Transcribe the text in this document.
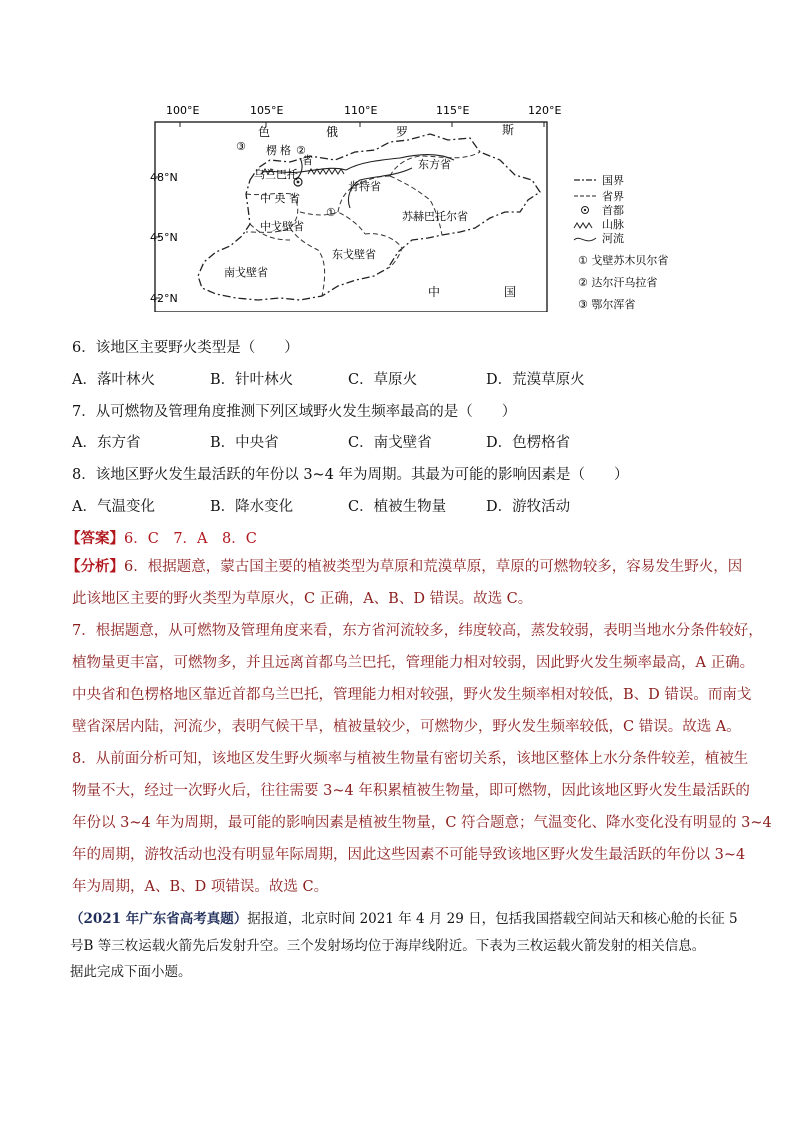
100°E	105°E	110°E	115°E	120°E
48°N
45°N
42°N
色	俄	罗	斯
中	国
楞 格
省
乌兰巴托
东方省
肯特省
中 央 省
苏赫巴托尔省
中戈壁省
东戈壁省
南戈壁省
③	②
①
国界
省界
首都
山脉
河流
① 戈壁苏木贝尔省
② 达尔汗乌拉省
③ 鄂尔浑省
6．该地区主要野火类型是（　　）
A．落叶林火	B．针叶林火	C．草原火	D．荒漠草原火
7．从可燃物及管理角度推测下列区域野火发生频率最高的是（　　）
A．东方省	B．中央省	C．南戈壁省	D．色楞格省
8．该地区野火发生最活跃的年份以 3~4 年为周期。其最为可能的影响因素是（　　）
A．气温变化	B．降水变化	C．植被生物量	D．游牧活动
【答案】6．C　7．A　8．C
【分析】6．根据题意，蒙古国主要的植被类型为草原和荒漠草原，草原的可燃物较多，容易发生野火，因
此该地区主要的野火类型为草原火，C 正确，A、B、D 错误。故选 C。
7．根据题意，从可燃物及管理角度来看，东方省河流较多，纬度较高，蒸发较弱，表明当地水分条件较好，
植物量更丰富，可燃物多，并且远离首都乌兰巴托，管理能力相对较弱，因此野火发生频率最高，A 正确。
中央省和色楞格地区靠近首都乌兰巴托，管理能力相对较强，野火发生频率相对较低，B、D 错误。而南戈
壁省深居内陆，河流少，表明气候干旱，植被量较少，可燃物少，野火发生频率较低，C 错误。故选 A。
8．从前面分析可知，该地区发生野火频率与植被生物量有密切关系，该地区整体上水分条件较差，植被生
物量不大，经过一次野火后，往往需要 3~4 年积累植被生物量，即可燃物，因此该地区野火发生最活跃的
年份以 3~4 年为周期，最可能的影响因素是植被生物量，C 符合题意；气温变化、降水变化没有明显的 3~4
年的周期，游牧活动也没有明显年际周期，因此这些因素不可能导致该地区野火发生最活跃的年份以 3~4
年为周期，A、B、D 项错误。故选 C。
（2021 年广东省高考真题）据报道，北京时间 2021 年 4 月 29 日，包括我国搭载空间站天和核心舱的长征 5
号B 等三枚运载火箭先后发射升空。三个发射场均位于海岸线附近。下表为三枚运载火箭发射的相关信息。
据此完成下面小题。
